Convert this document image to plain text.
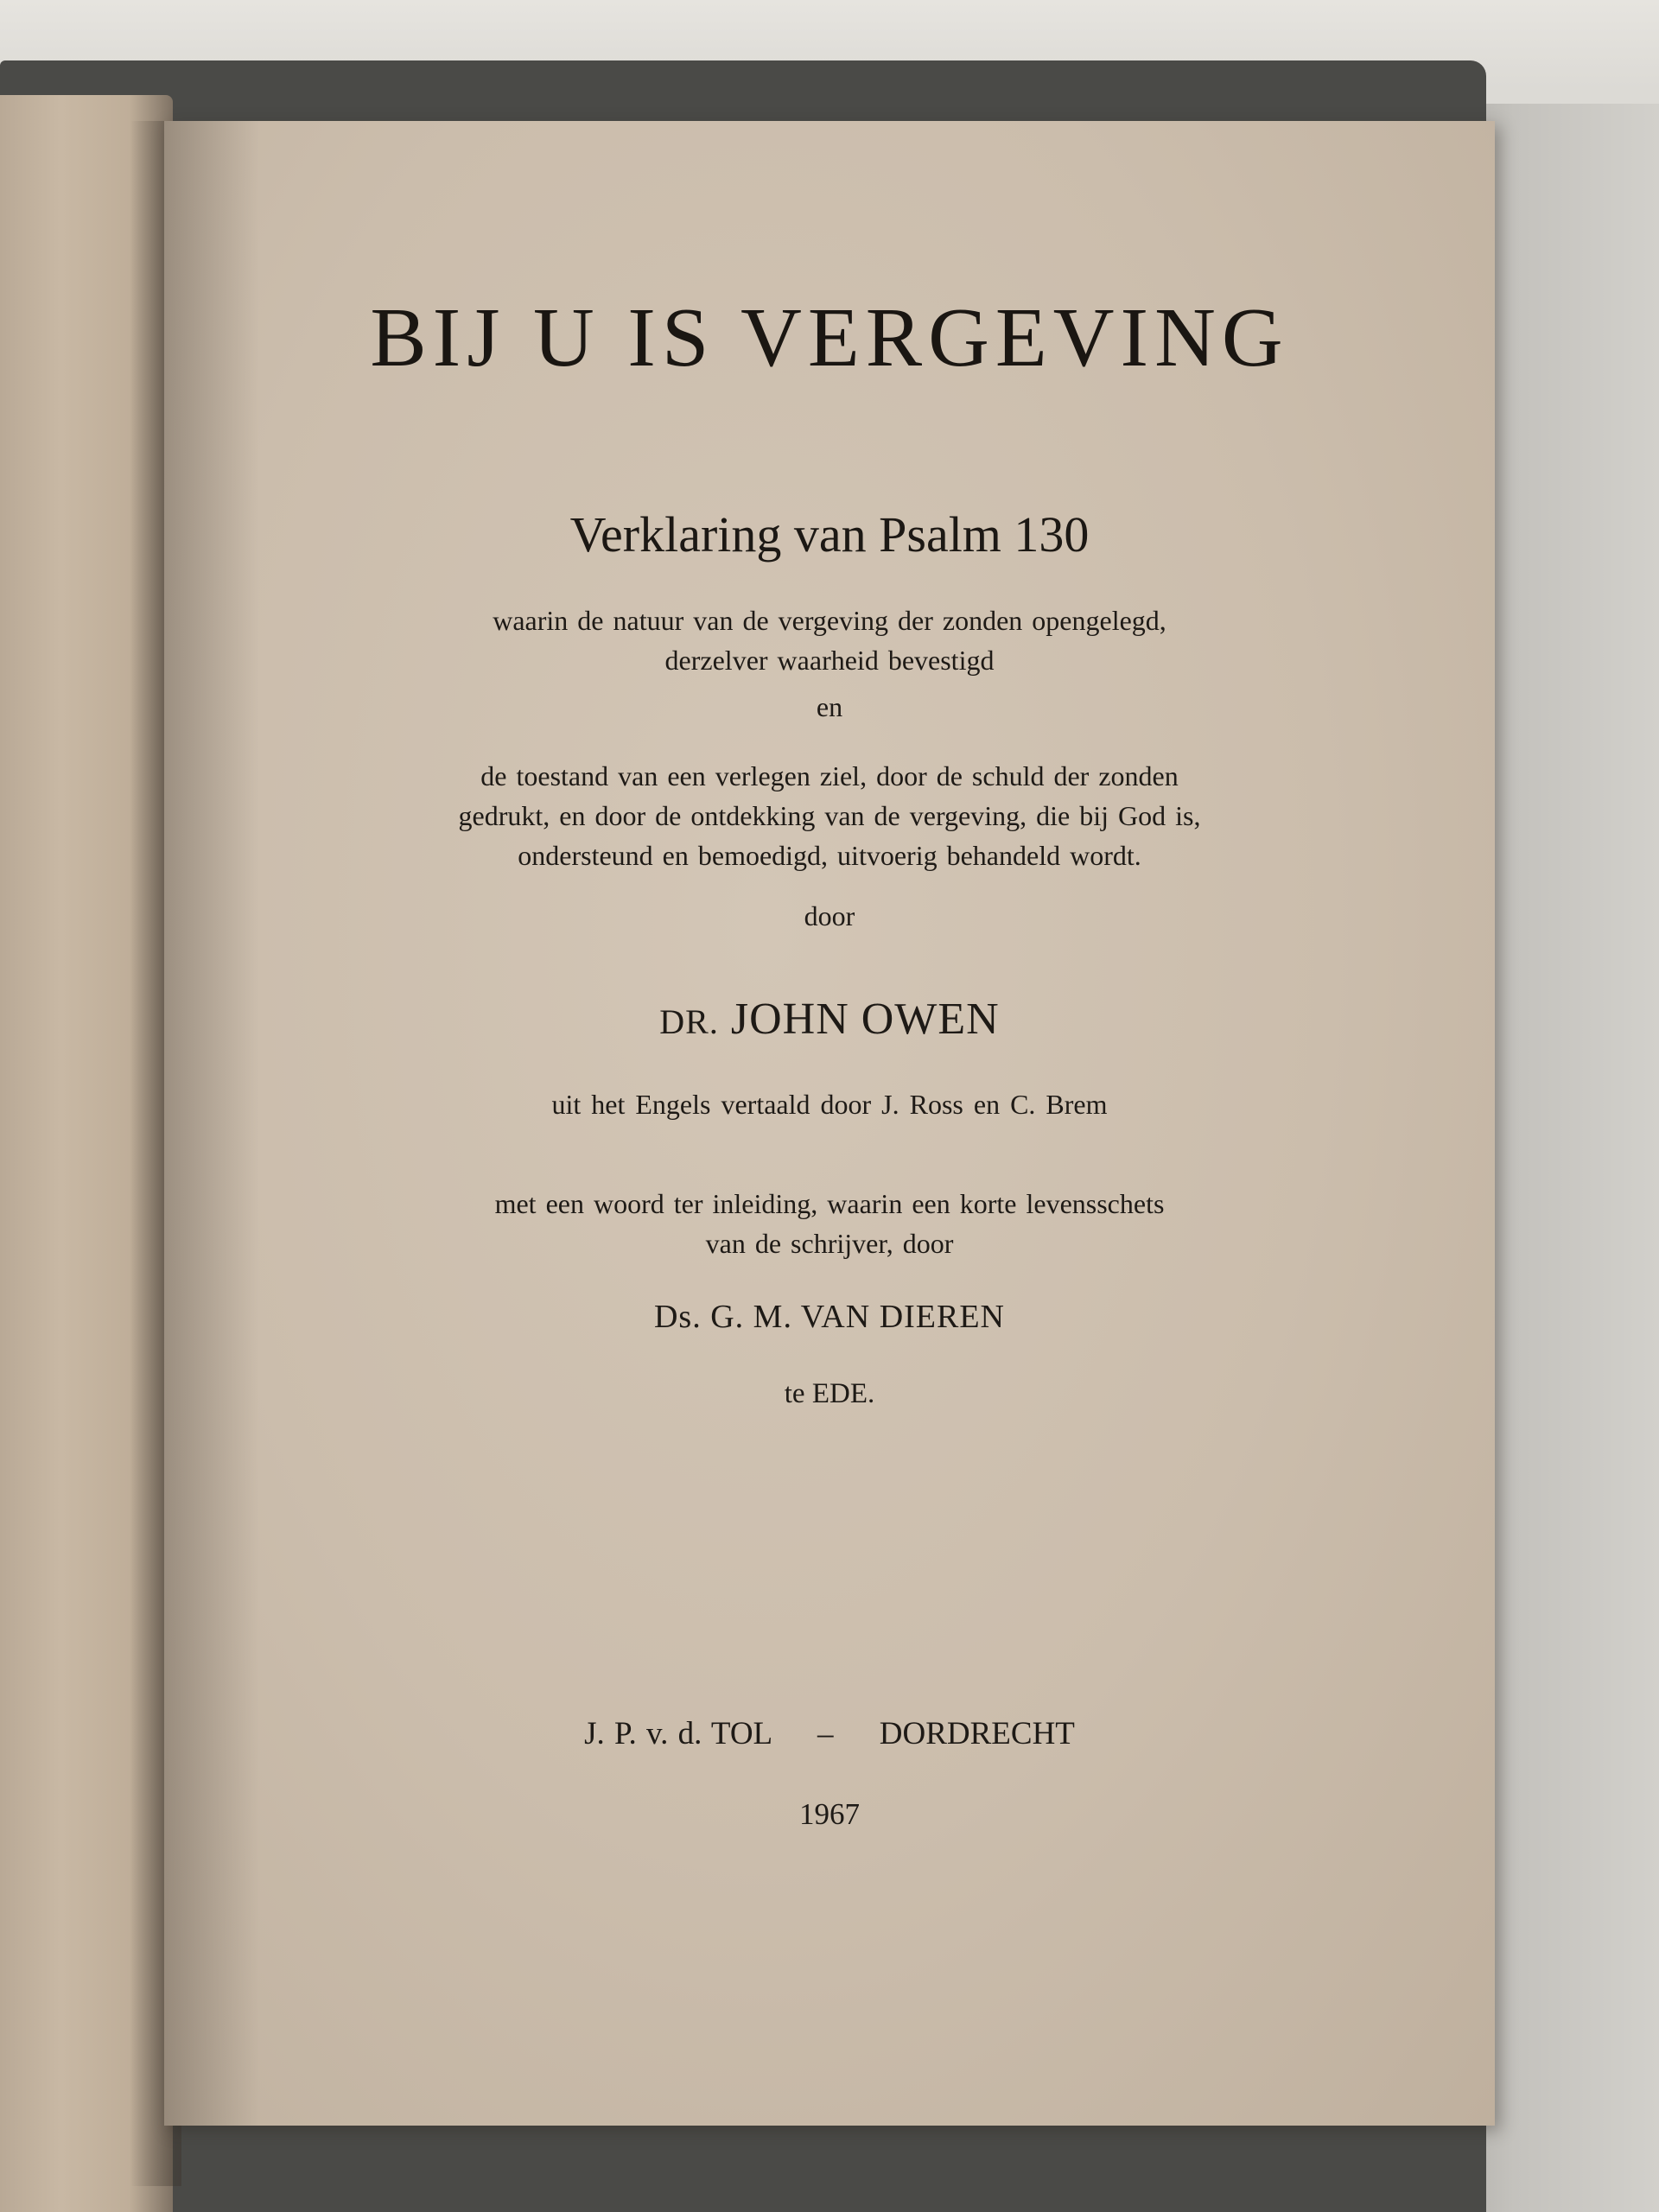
BIJ U IS VERGEVING
Verklaring van Psalm 130
waarin de natuur van de vergeving der zonden opengelegd,
derzelver waarheid bevestigd
en
de toestand van een verlegen ziel, door de schuld der zonden
gedrukt, en door de ontdekking van de vergeving, die bij God is,
ondersteund en bemoedigd, uitvoerig behandeld wordt.
door
DR. JOHN OWEN
uit het Engels vertaald door J. Ross en C. Brem
met een woord ter inleiding, waarin een korte levensschets
van de schrijver, door
Ds. G. M. VAN DIEREN
te EDE.
J. P. v. d. TOL – DORDRECHT
1967
